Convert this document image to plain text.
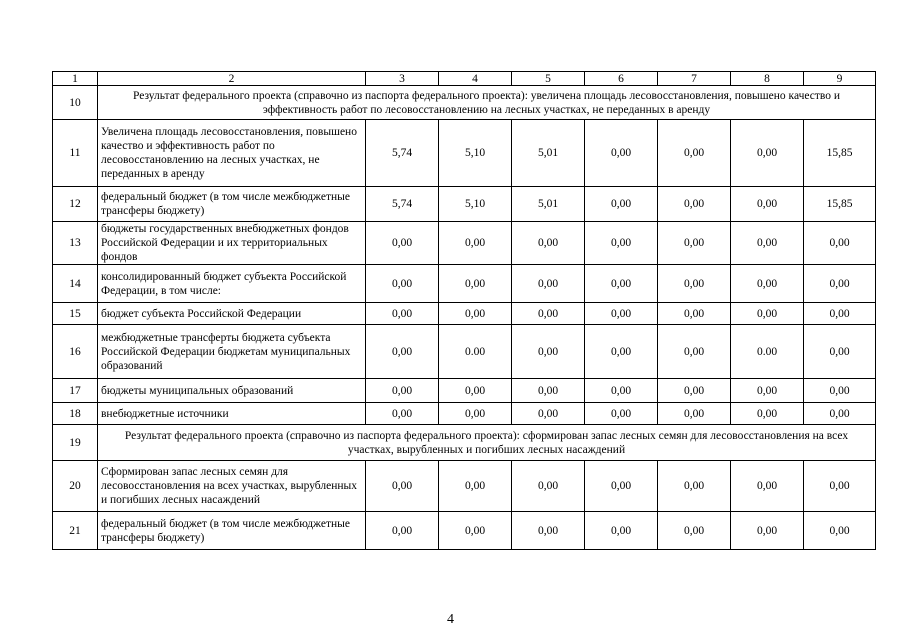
1	2	3	4	5	6	7	8	9
10	Результат федерального проекта (справочно из паспорта федерального проекта): увеличена площадь лесовосстановления, повышено качество и эффективность работ по лесовосстановлению на лесных участках, не переданных в аренду							
11	Увеличена площадь лесовосстановления, повышено качество и эффективность работ по лесовосстановлению на лесных участках, не переданных в аренду	5,74	5,10	5,01	0,00	0,00	0,00	15,85
12	федеральный бюджет (в том числе межбюджетные трансферы бюджету)	5,74	5,10	5,01	0,00	0,00	0,00	15,85
13	бюджеты государственных внебюджетных фондов Российской Федерации и их территориальных фондов	0,00	0,00	0,00	0,00	0,00	0,00	0,00
14	консолидированный бюджет субъекта Российской Федерации, в том числе:	0,00	0,00	0,00	0,00	0,00	0,00	0,00
15	бюджет субъекта Российской Федерации	0,00	0,00	0,00	0,00	0,00	0,00	0,00
16	межбюджетные трансферты бюджета субъекта Российской Федерации бюджетам муниципальных образований	0,00	0.00	0,00	0,00	0,00	0.00	0,00
17	бюджеты муниципальных образований	0,00	0,00	0,00	0,00	0,00	0,00	0,00
18	внебюджетные источники	0,00	0,00	0,00	0,00	0,00	0,00	0,00
19	Результат федерального проекта (справочно из паспорта федерального проекта): сформирован запас лесных семян для лесовосстановления на всех участках, вырубленных и погибших лесных насаждений							
20	Сформирован запас лесных семян для лесовосстановления на всех участках, вырубленных и погибших лесных насаждений	0,00	0,00	0,00	0,00	0,00	0,00	0,00
21	федеральный бюджет (в том числе межбюджетные трансферы бюджету)	0,00	0,00	0,00	0,00	0,00	0,00	0,00
4
